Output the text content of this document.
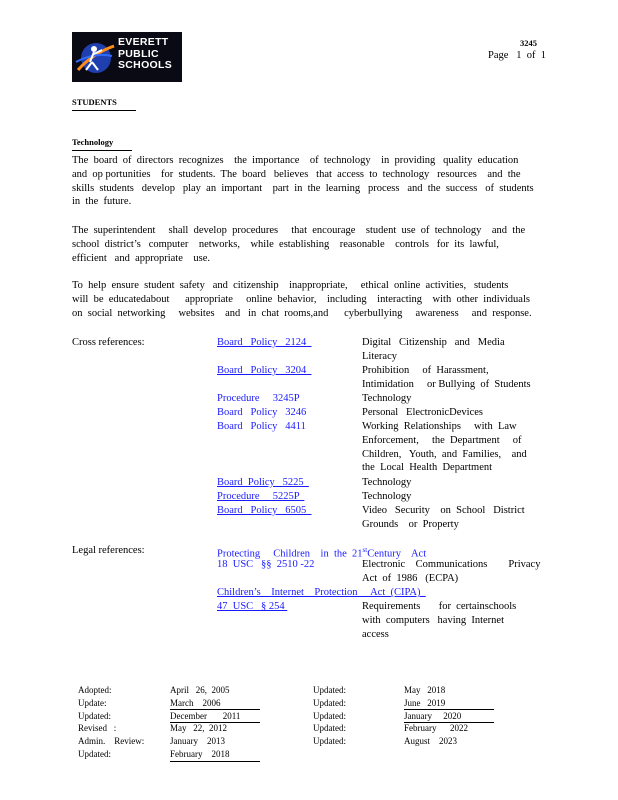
EVERETT
PUBLIC
SCHOOLS
3245
Page   1  of  1
STUDENTS
Technology
The  board  of  directors  recognizes    the  importance    of  technology    in  providing   quality  education
and  op portunities    for  students.  The  board   believes   that  access  to  technology   resources    and  the
skills  students   develop   play  an  important    part  in  the  learning   process   and  the  success   of  students
in  the  future.
The  superintendent     shall  develop  procedures     that  encourage    student  use  of  technology    and  the
school  district’s   computer    networks,    while  establishing    reasonable    controls   for  its  lawful,
efficient   and  appropriate    use.
To  help  ensure  student  safety   and  citizenship    inappropriate,     ethical  online  activities,   students
will  be  educatedabout      appropriate     online  behavior,    including    interacting    with  other  individuals
on  social  networking     websites    and   in  chat  rooms,and      cyberbullying     awareness     and  response.
Cross references:	Board   Policy   2124	Digital   Citizenship   and   Media
Literacy
Board   Policy   3204	Prohibition     of  Harassment,
Intimidation     or Bullying  of  Students
Procedure     3245P	Technology
Board   Policy   3246	Personal   ElectronicDevices
Board   Policy   4411	Working  Relationships     with  Law
Enforcement,     the  Department     of
Children,   Youth,  and  Families,    and
the  Local  Health  Department
Board  Policy   5225	Technology
Procedure     5225P	Technology
Board   Policy   6505	Video   Security    on  School   District
Grounds    or  Property
Legal references:	Protecting     Children    in  the  21stCentury    Act
18  USC   §§  2510 -22	Electronic    Communications        Privacy
Act  of  1986   (ECPA)
Children’s    Internet    Protection     Act  (CIPA)
47  USC   § 254	Requirements       for  certainschools
with  computers   having  Internet
access
Adopted:	April   26,  2005
Update:	March    2006
Updated:	December       2011
Revised   :	May   22,  2012
Admin.    Review:	January    2013
Updated:	February    2018
Updated:	May   2018
Updated:	June   2019
Updated:	January     2020
Updated:	February      2022
Updated:	August    2023
